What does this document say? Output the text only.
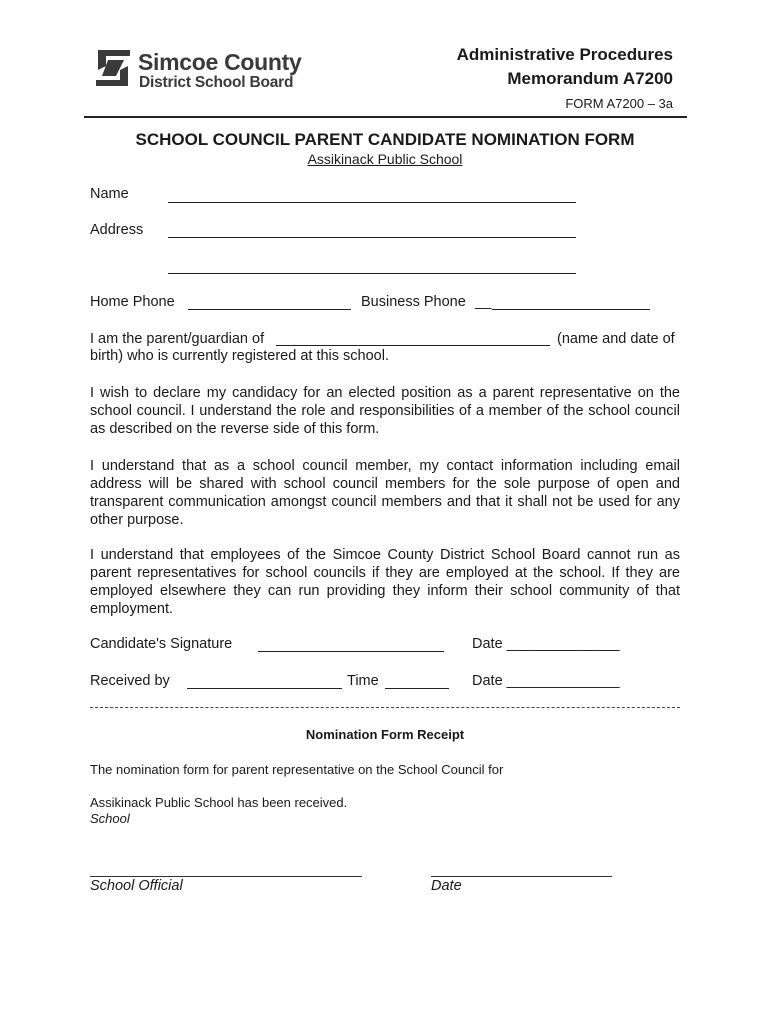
Simcoe County
District School Board
Administrative Procedures
Memorandum A7200
FORM A7200 – 3a
SCHOOL COUNCIL PARENT CANDIDATE NOMINATION FORM
Assikinack Public School
Name
Address
Home Phone	Business Phone __
I am the parent/guardian of	(name and date of
birth) who is currently registered at this school.
I wish to declare my candidacy for an elected position as a parent representative on the school council. I understand the role and responsibilities of a member of the school council as described on the reverse side of this form.
I understand that as a school council member, my contact information including email address will be shared with school council members for the sole purpose of open and transparent communication amongst council members and that it shall not be used for any other purpose.
I understand that employees of the Simcoe County District School Board cannot run as parent representatives for school councils if they are employed at the school. If they are employed elsewhere they can run providing they inform their school community of that employment.
Candidate's Signature	Date ______________
Received by	Time	Date ______________
Nomination Form Receipt
The nomination form for parent representative on the School Council for
Assikinack Public School has been received.
School
School Official	Date
